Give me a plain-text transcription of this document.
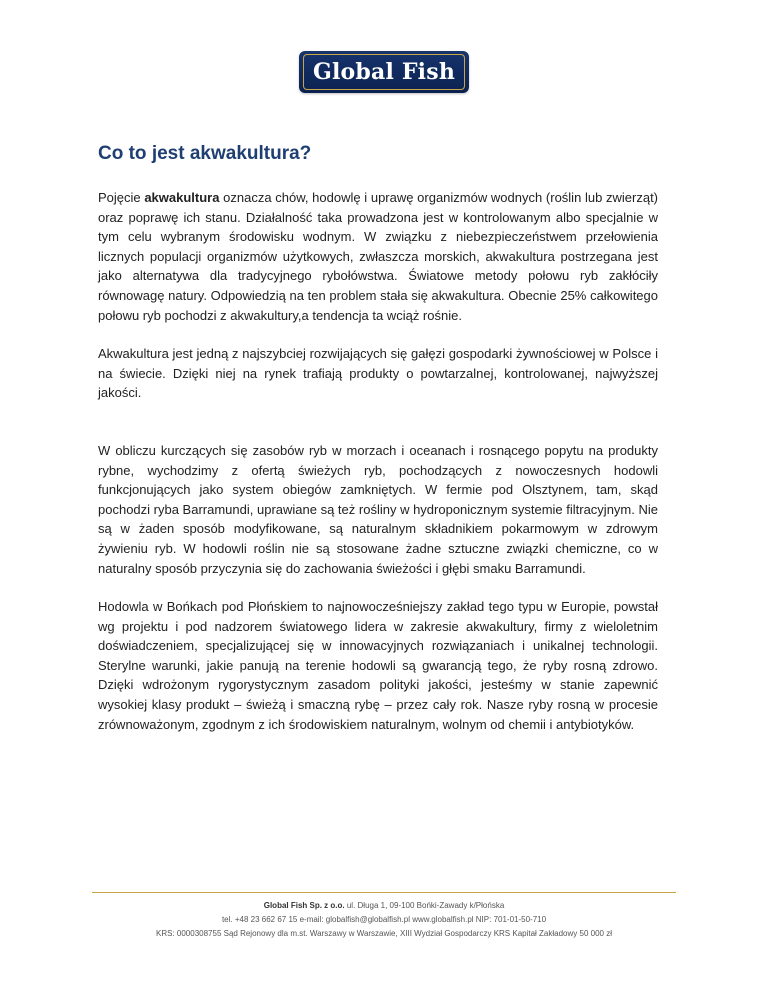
Global Fish
Co to jest akwakultura?

Pojęcie akwakultura oznacza chów, hodowlę i uprawę organizmów wodnych (roślin lub zwierząt) oraz poprawę ich stanu. Działalność taka prowadzona jest w kontrolowanym albo specjalnie w tym celu wybranym środowisku wodnym. W związku z niebezpieczeństwem przełowienia licznych populacji organizmów użytkowych, zwłaszcza morskich, akwakultura postrzegana jest jako alternatywa dla tradycyjnego rybołówstwa. Światowe metody połowu ryb zakłóciły równowagę natury. Odpowiedzią na ten problem stała się akwakultura. Obecnie 25% całkowitego połowu ryb pochodzi z akwakultury,a tendencja ta wciąż rośnie.

Akwakultura jest jedną z najszybciej rozwijających się gałęzi gospodarki żywnościowej w Polsce i na świecie. Dzięki niej na rynek trafiają produkty o powtarzalnej, kontrolowanej, najwyższej jakości.

W obliczu kurczących się zasobów ryb w morzach i oceanach i rosnącego popytu na produkty rybne, wychodzimy z ofertą świeżych ryb, pochodzących z nowoczesnych hodowli funkcjonujących jako system obiegów zamkniętych. W fermie pod Olsztynem, tam, skąd pochodzi ryba Barramundi, uprawiane są też rośliny w hydroponicznym systemie filtracyjnym. Nie są w żaden sposób modyfikowane, są naturalnym składnikiem pokarmowym w zdrowym żywieniu ryb. W hodowli roślin nie są stosowane żadne sztuczne związki chemiczne, co w naturalny sposób przyczynia się do zachowania świeżości i głębi smaku Barramundi.

Hodowla w Bońkach pod Płońskiem to najnowocześniejszy zakład tego typu w Europie, powstał wg projektu i pod nadzorem światowego lidera w zakresie akwakultury, firmy z wieloletnim doświadczeniem, specjalizującej się w innowacyjnych rozwiązaniach i unikalnej technologii. Sterylne warunki, jakie panują na terenie hodowli są gwarancją tego, że ryby rosną zdrowo. Dzięki wdrożonym rygorystycznym zasadom polityki jakości, jesteśmy w stanie zapewnić wysokiej klasy produkt – świeżą i smaczną rybę – przez cały rok. Nasze ryby rosną w procesie zrównoważonym, zgodnym z ich środowiskiem naturalnym, wolnym od chemii i antybiotyków.

Global Fish Sp. z o.o. ul. Długa 1, 09-100 Bońki-Zawady k/Płońska
tel. +48 23 662 67 15 e-mail: globalfish@globalfish.pl www.globalfish.pl NIP: 701-01-50-710
KRS: 0000308755 Sąd Rejonowy dla m.st. Warszawy w Warszawie, XIII Wydział Gospodarczy KRS Kapitał Zakładowy 50 000 zł
